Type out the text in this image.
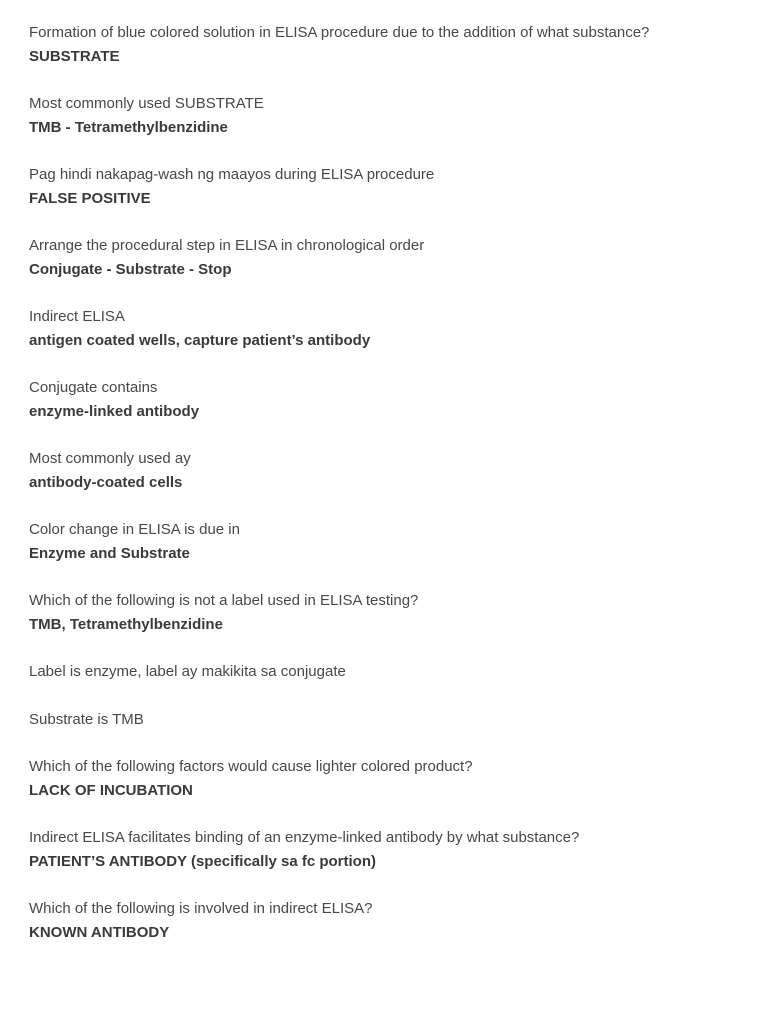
Formation of blue colored solution in ELISA procedure due to the addition of what substance?
SUBSTRATE
Most commonly used SUBSTRATE
TMB - Tetramethylbenzidine
Pag hindi nakapag-wash ng maayos during ELISA procedure
FALSE POSITIVE
Arrange the procedural step in ELISA in chronological order
Conjugate - Substrate - Stop
Indirect ELISA
antigen coated wells, capture patient’s antibody
Conjugate contains
enzyme-linked antibody
Most commonly used ay
antibody-coated cells
Color change in ELISA is due in
Enzyme and Substrate
Which of the following is not a label used in ELISA testing?
TMB, Tetramethylbenzidine
Label is enzyme, label ay makikita sa conjugate
Substrate is TMB
Which of the following factors would cause lighter colored product?
LACK OF INCUBATION
Indirect ELISA facilitates binding of an enzyme-linked antibody by what substance?
PATIENT’S ANTIBODY (specifically sa fc portion)
Which of the following is involved in indirect ELISA?
KNOWN ANTIBODY
